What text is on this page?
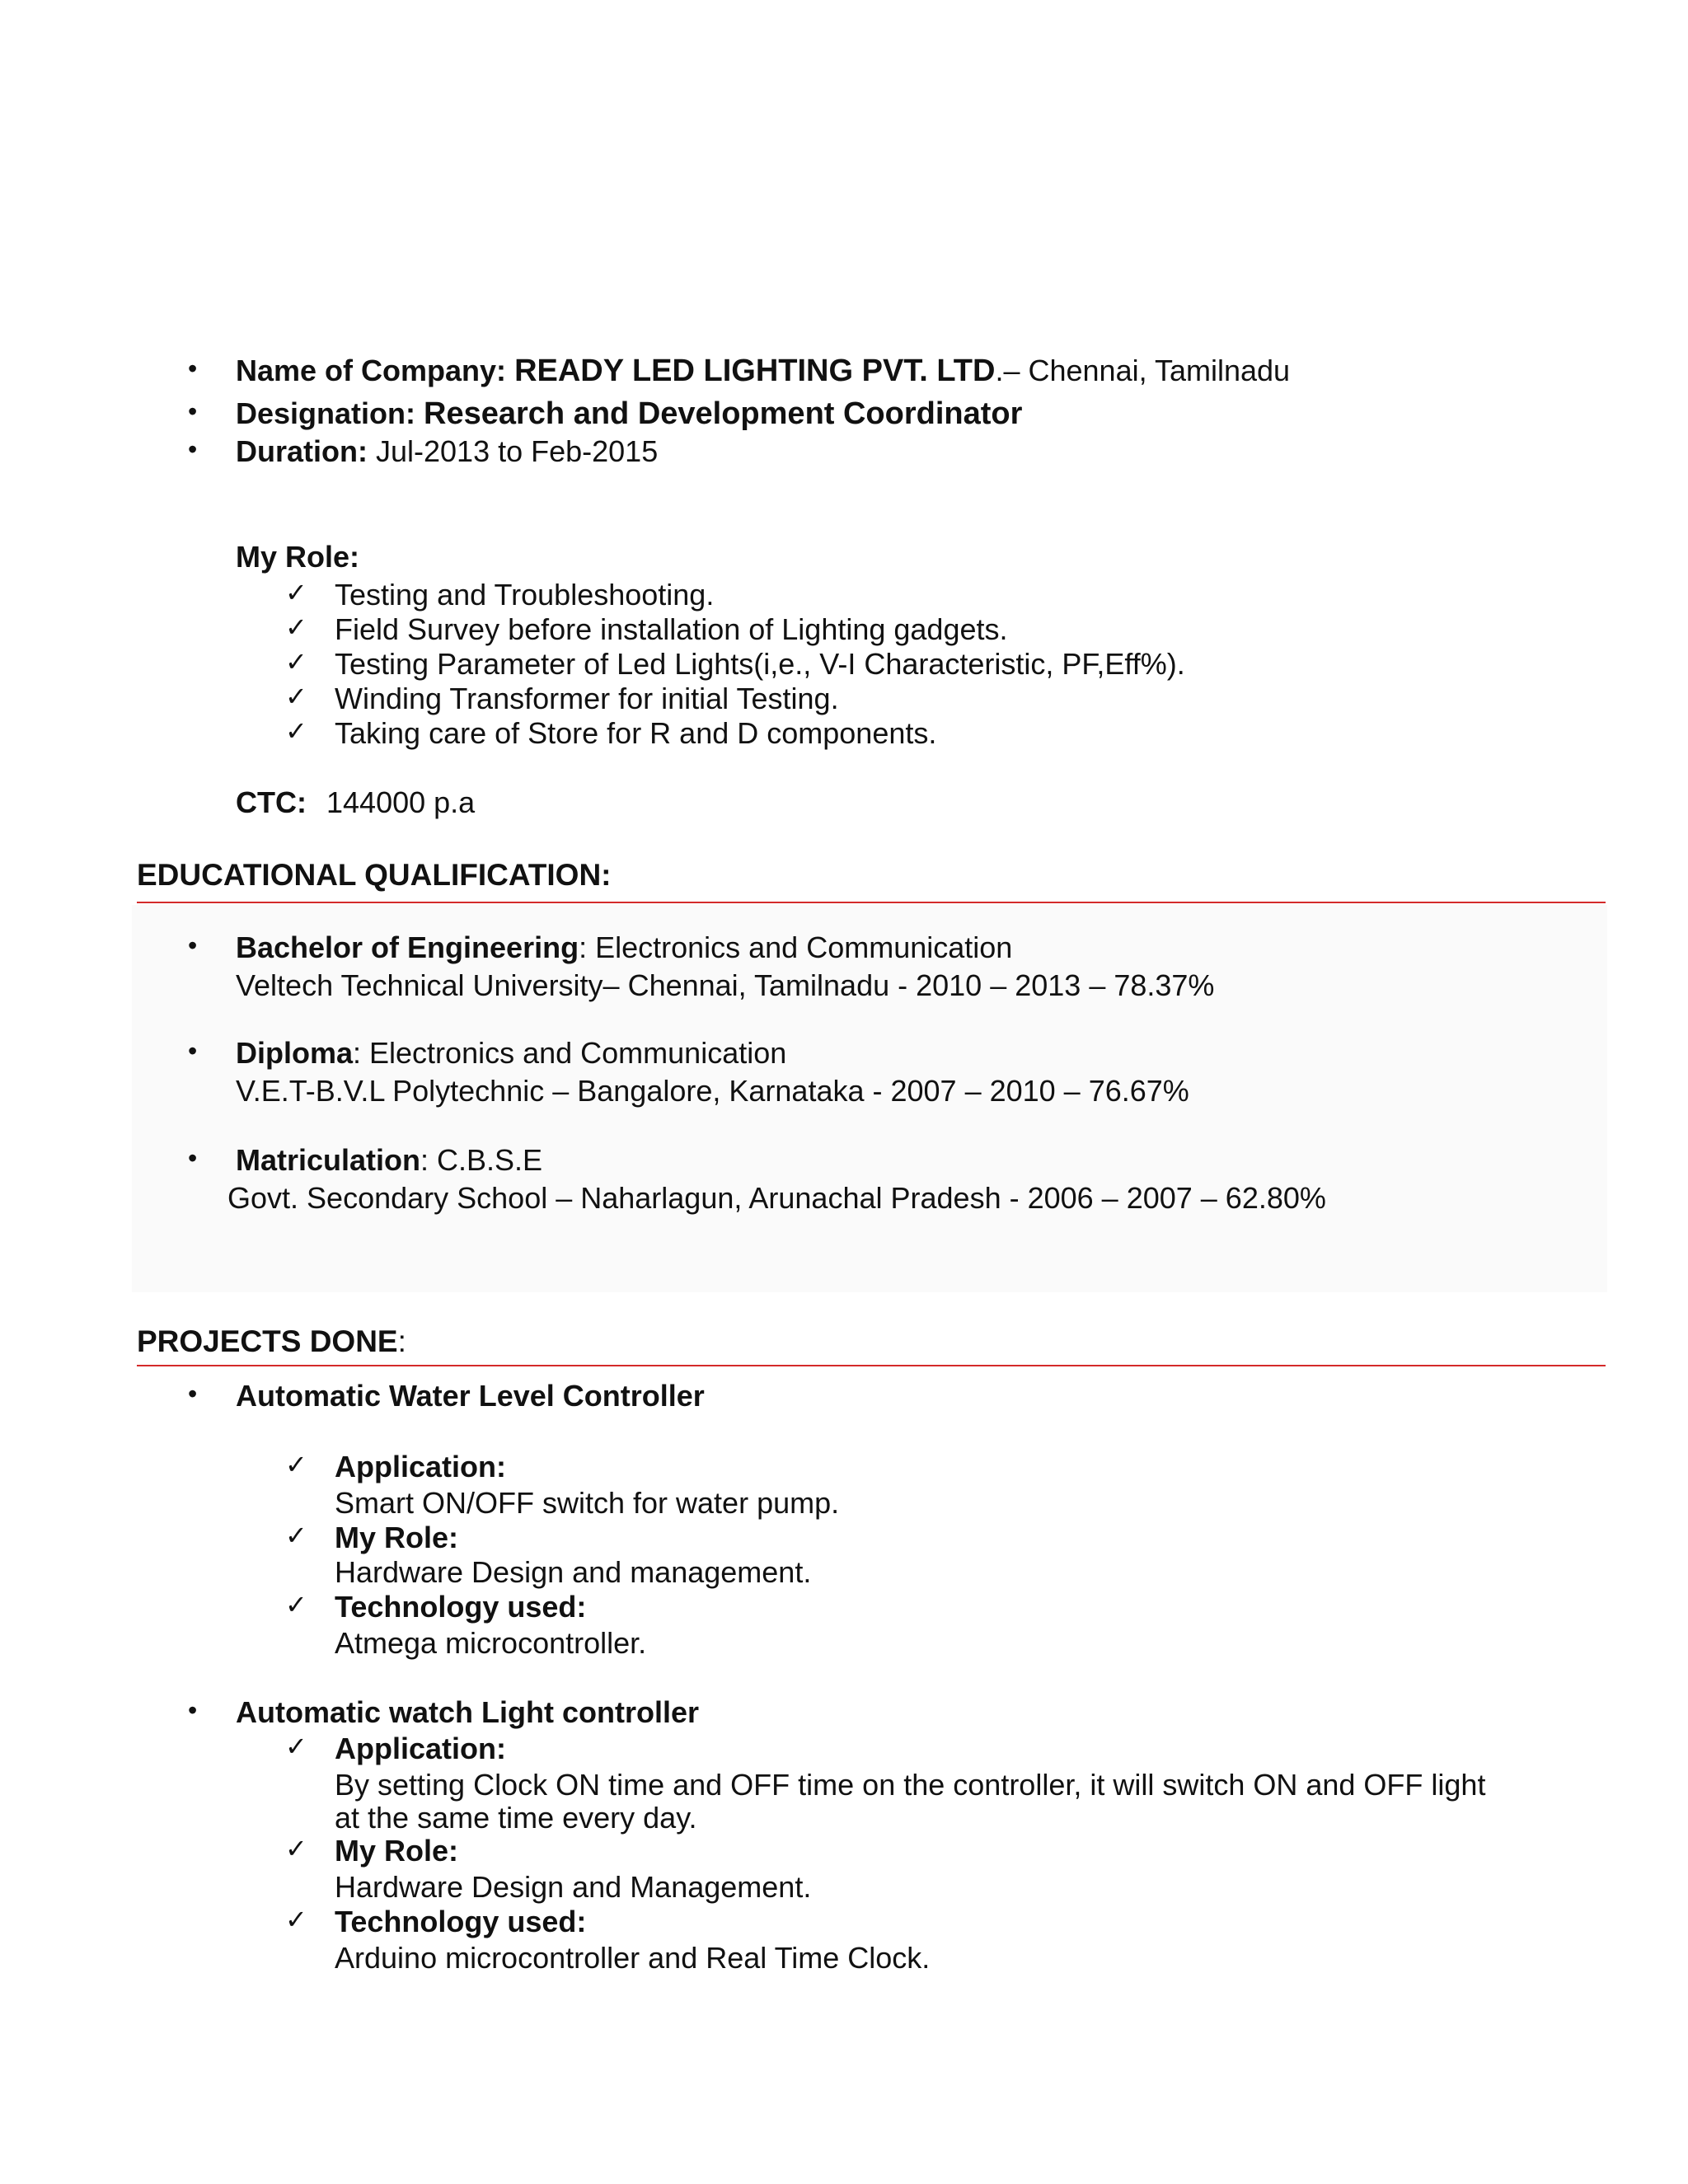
• Name of Company: READY LED LIGHTING PVT. LTD.– Chennai, Tamilnadu
• Designation: Research and Development Coordinator
• Duration: Jul-2013 to Feb-2015
My Role:
✓ Testing and Troubleshooting.
✓ Field Survey before installation of Lighting gadgets.
✓ Testing Parameter of Led Lights(i,e., V-I Characteristic, PF,Eff%).
✓ Winding Transformer for initial Testing.
✓ Taking care of Store for R and D components.
CTC: 144000 p.a
EDUCATIONAL QUALIFICATION:
• Bachelor of Engineering: Electronics and Communication
Veltech Technical University– Chennai, Tamilnadu - 2010 – 2013 – 78.37%
• Diploma: Electronics and Communication
V.E.T-B.V.L Polytechnic – Bangalore, Karnataka - 2007 – 2010 – 76.67%
• Matriculation: C.B.S.E
Govt. Secondary School – Naharlagun, Arunachal Pradesh - 2006 – 2007 – 62.80%
PROJECTS DONE:
• Automatic Water Level Controller
✓ Application:
Smart ON/OFF switch for water pump.
✓ My Role:
Hardware Design and management.
✓ Technology used:
Atmega microcontroller.
• Automatic watch Light controller
✓ Application:
By setting Clock ON time and OFF time on the controller, it will switch ON and OFF light
at the same time every day.
✓ My Role:
Hardware Design and Management.
✓ Technology used:
Arduino microcontroller and Real Time Clock.
